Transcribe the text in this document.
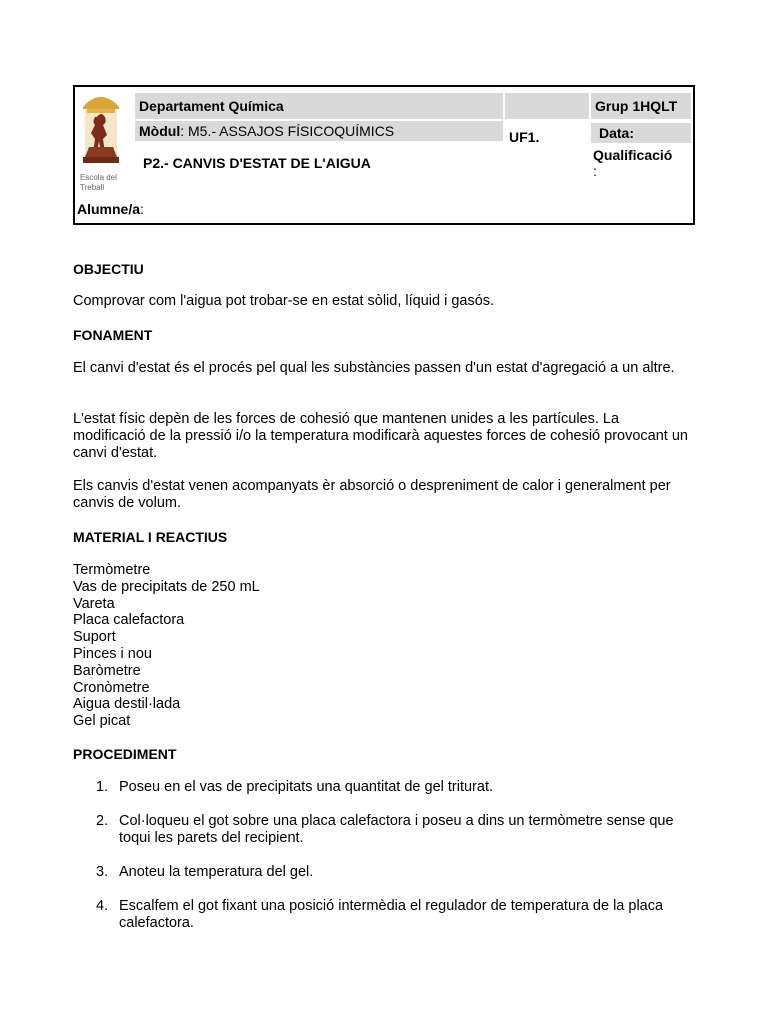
Escola del Treball
Departament Química	Grup 1HQLT
Mòdul : M5.- ASSAJOS FÍSICOQUÍMICS	UF1.	Data:
P2.- CANVIS D'ESTAT DE L'AIGUA	Qualificació
:
Alumne/a :
OBJECTIU
Comprovar com l'aigua pot trobar-se en estat sòlid, líquid i gasós.
FONAMENT
El canvi d'estat és el procés pel qual les substàncies passen d'un estat d'agregació a un altre.
L'estat físic depèn de les forces de cohesió que mantenen unides a les partícules. La modificació de la pressió i/o la temperatura modificarà aquestes forces de cohesió provocant un canvi d'estat.
Els canvis d'estat venen acompanyats èr absorció o despreniment de calor i generalment per canvis de volum.
MATERIAL I REACTIUS
Termòmetre
Vas de precipitats de 250 mL
Vareta
Placa calefactora
Suport
Pinces i nou
Baròmetre
Cronòmetre
Aigua destil·lada
Gel picat
PROCEDIMENT
1. Poseu en el vas de precipitats una quantitat de gel triturat.
2. Col·loqueu el got sobre una placa calefactora i poseu a dins un termòmetre sense que toqui les parets del recipient.
3. Anoteu la temperatura del gel.
4. Escalfem el got fixant una posició intermèdia el regulador de temperatura de la placa calefactora.
